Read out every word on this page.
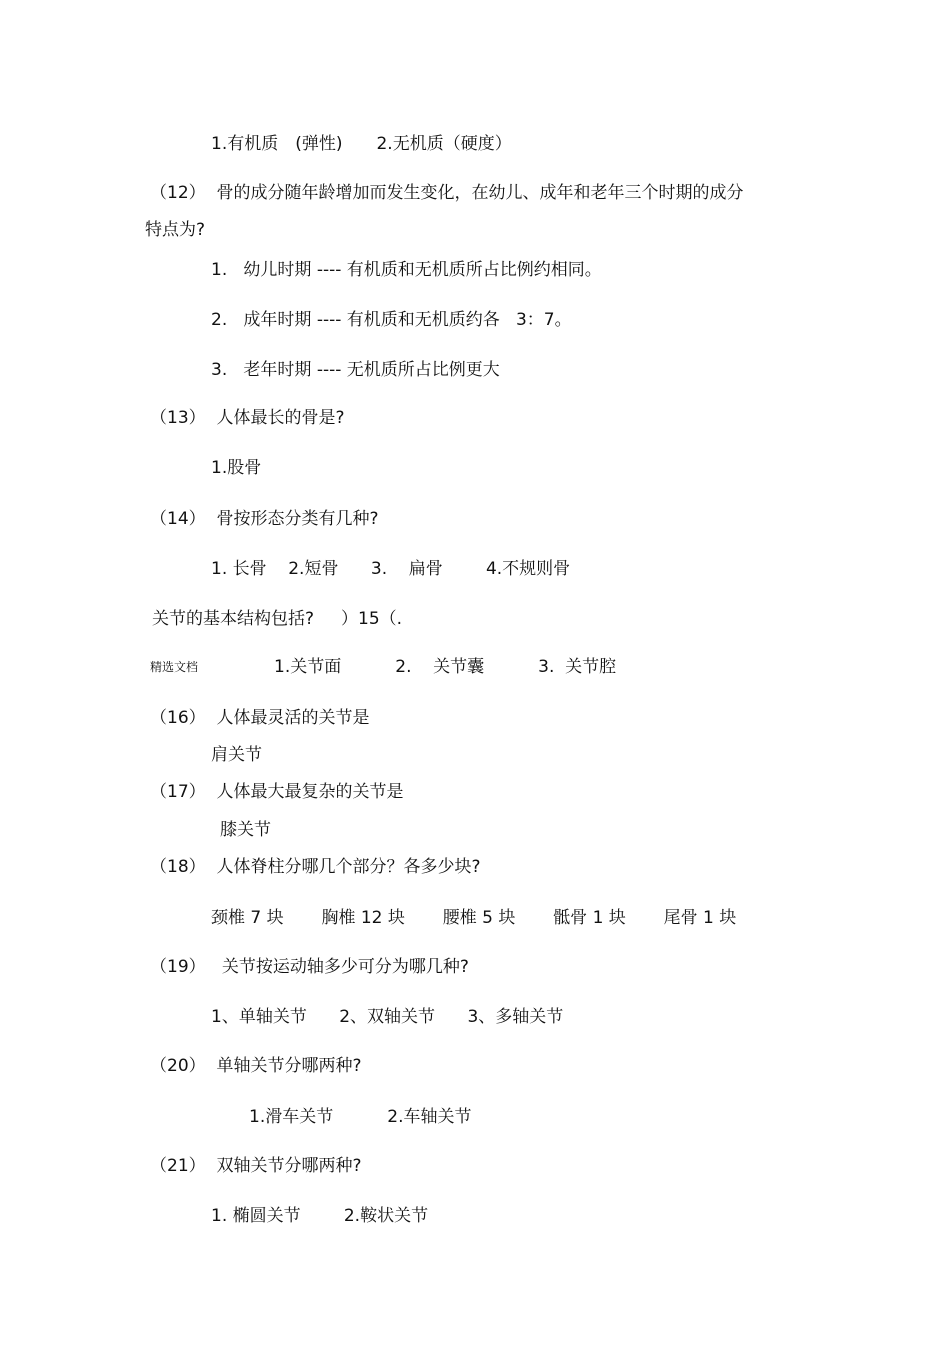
1.有机质　(弹性)　　2.无机质（硬度）
（12）  骨的成分随年龄增加而发生变化，在幼儿、成年和老年三个时期的成分
特点为?
1.   幼儿时期 ---- 有机质和无机质所占比例约相同。
2.   成年时期 ---- 有机质和无机质约各   3：7。
3.   老年时期 ---- 无机质所占比例更大
（13）  人体最长的骨是?
1.股骨
（14）  骨按形态分类有几种?
1. 长骨    2.短骨      3.    扁骨        4.不规则骨
关节的基本结构包括?     ）15（.
精选文档	1.关节面          2.    关节囊          3.  关节腔
（16）  人体最灵活的关节是
肩关节
（17）  人体最大最复杂的关节是
膝关节
（18）  人体脊柱分哪几个部分？各多少块?
颈椎 7 块       胸椎 12 块       腰椎 5 块       骶骨 1 块       尾骨 1 块
（19）   关节按运动轴多少可分为哪几种?
1、单轴关节      2、双轴关节      3、多轴关节
（20）  单轴关节分哪两种?
1.滑车关节          2.车轴关节
（21）  双轴关节分哪两种?
1. 椭圆关节        2.鞍状关节
